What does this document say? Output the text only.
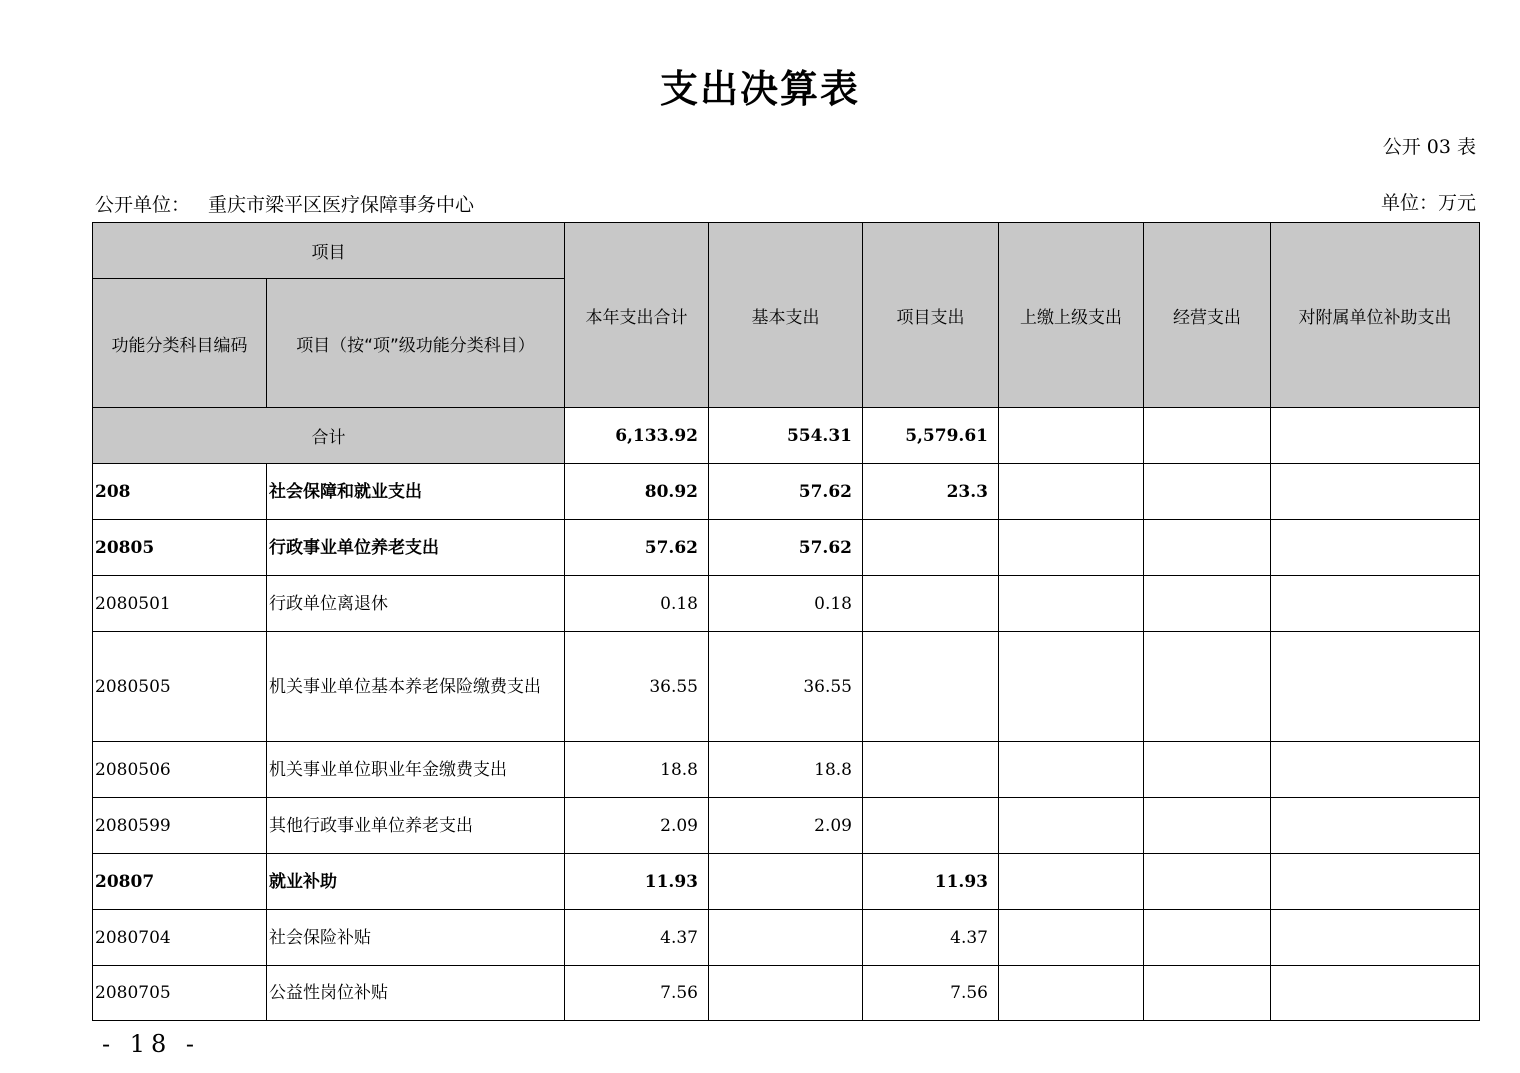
支出决算表
公开 03 表
公开单位： 重庆市梁平区医疗保障事务中心	单位：万元
项目		本年支出合计	基本支出	项目支出	上缴上级支出	经营支出	对附属单位补助支出
功能分类科目编码	项目（按“项”级功能分类科目）						
合计		6,133.92	554.31	5,579.61			
208	社会保障和就业支出	80.92	57.62	23.3			
20805	行政事业单位养老支出	57.62	57.62				
2080501	行政单位离退休	0.18	0.18				
2080505	机关事业单位基本养老保险缴费支出	36.55	36.55				
2080506	机关事业单位职业年金缴费支出	18.8	18.8				
2080599	其他行政事业单位养老支出	2.09	2.09				
20807	就业补助	11.93		11.93			
2080704	社会保险补贴	4.37		4.37			
2080705	公益性岗位补贴	7.56		7.56			
- 18 -
